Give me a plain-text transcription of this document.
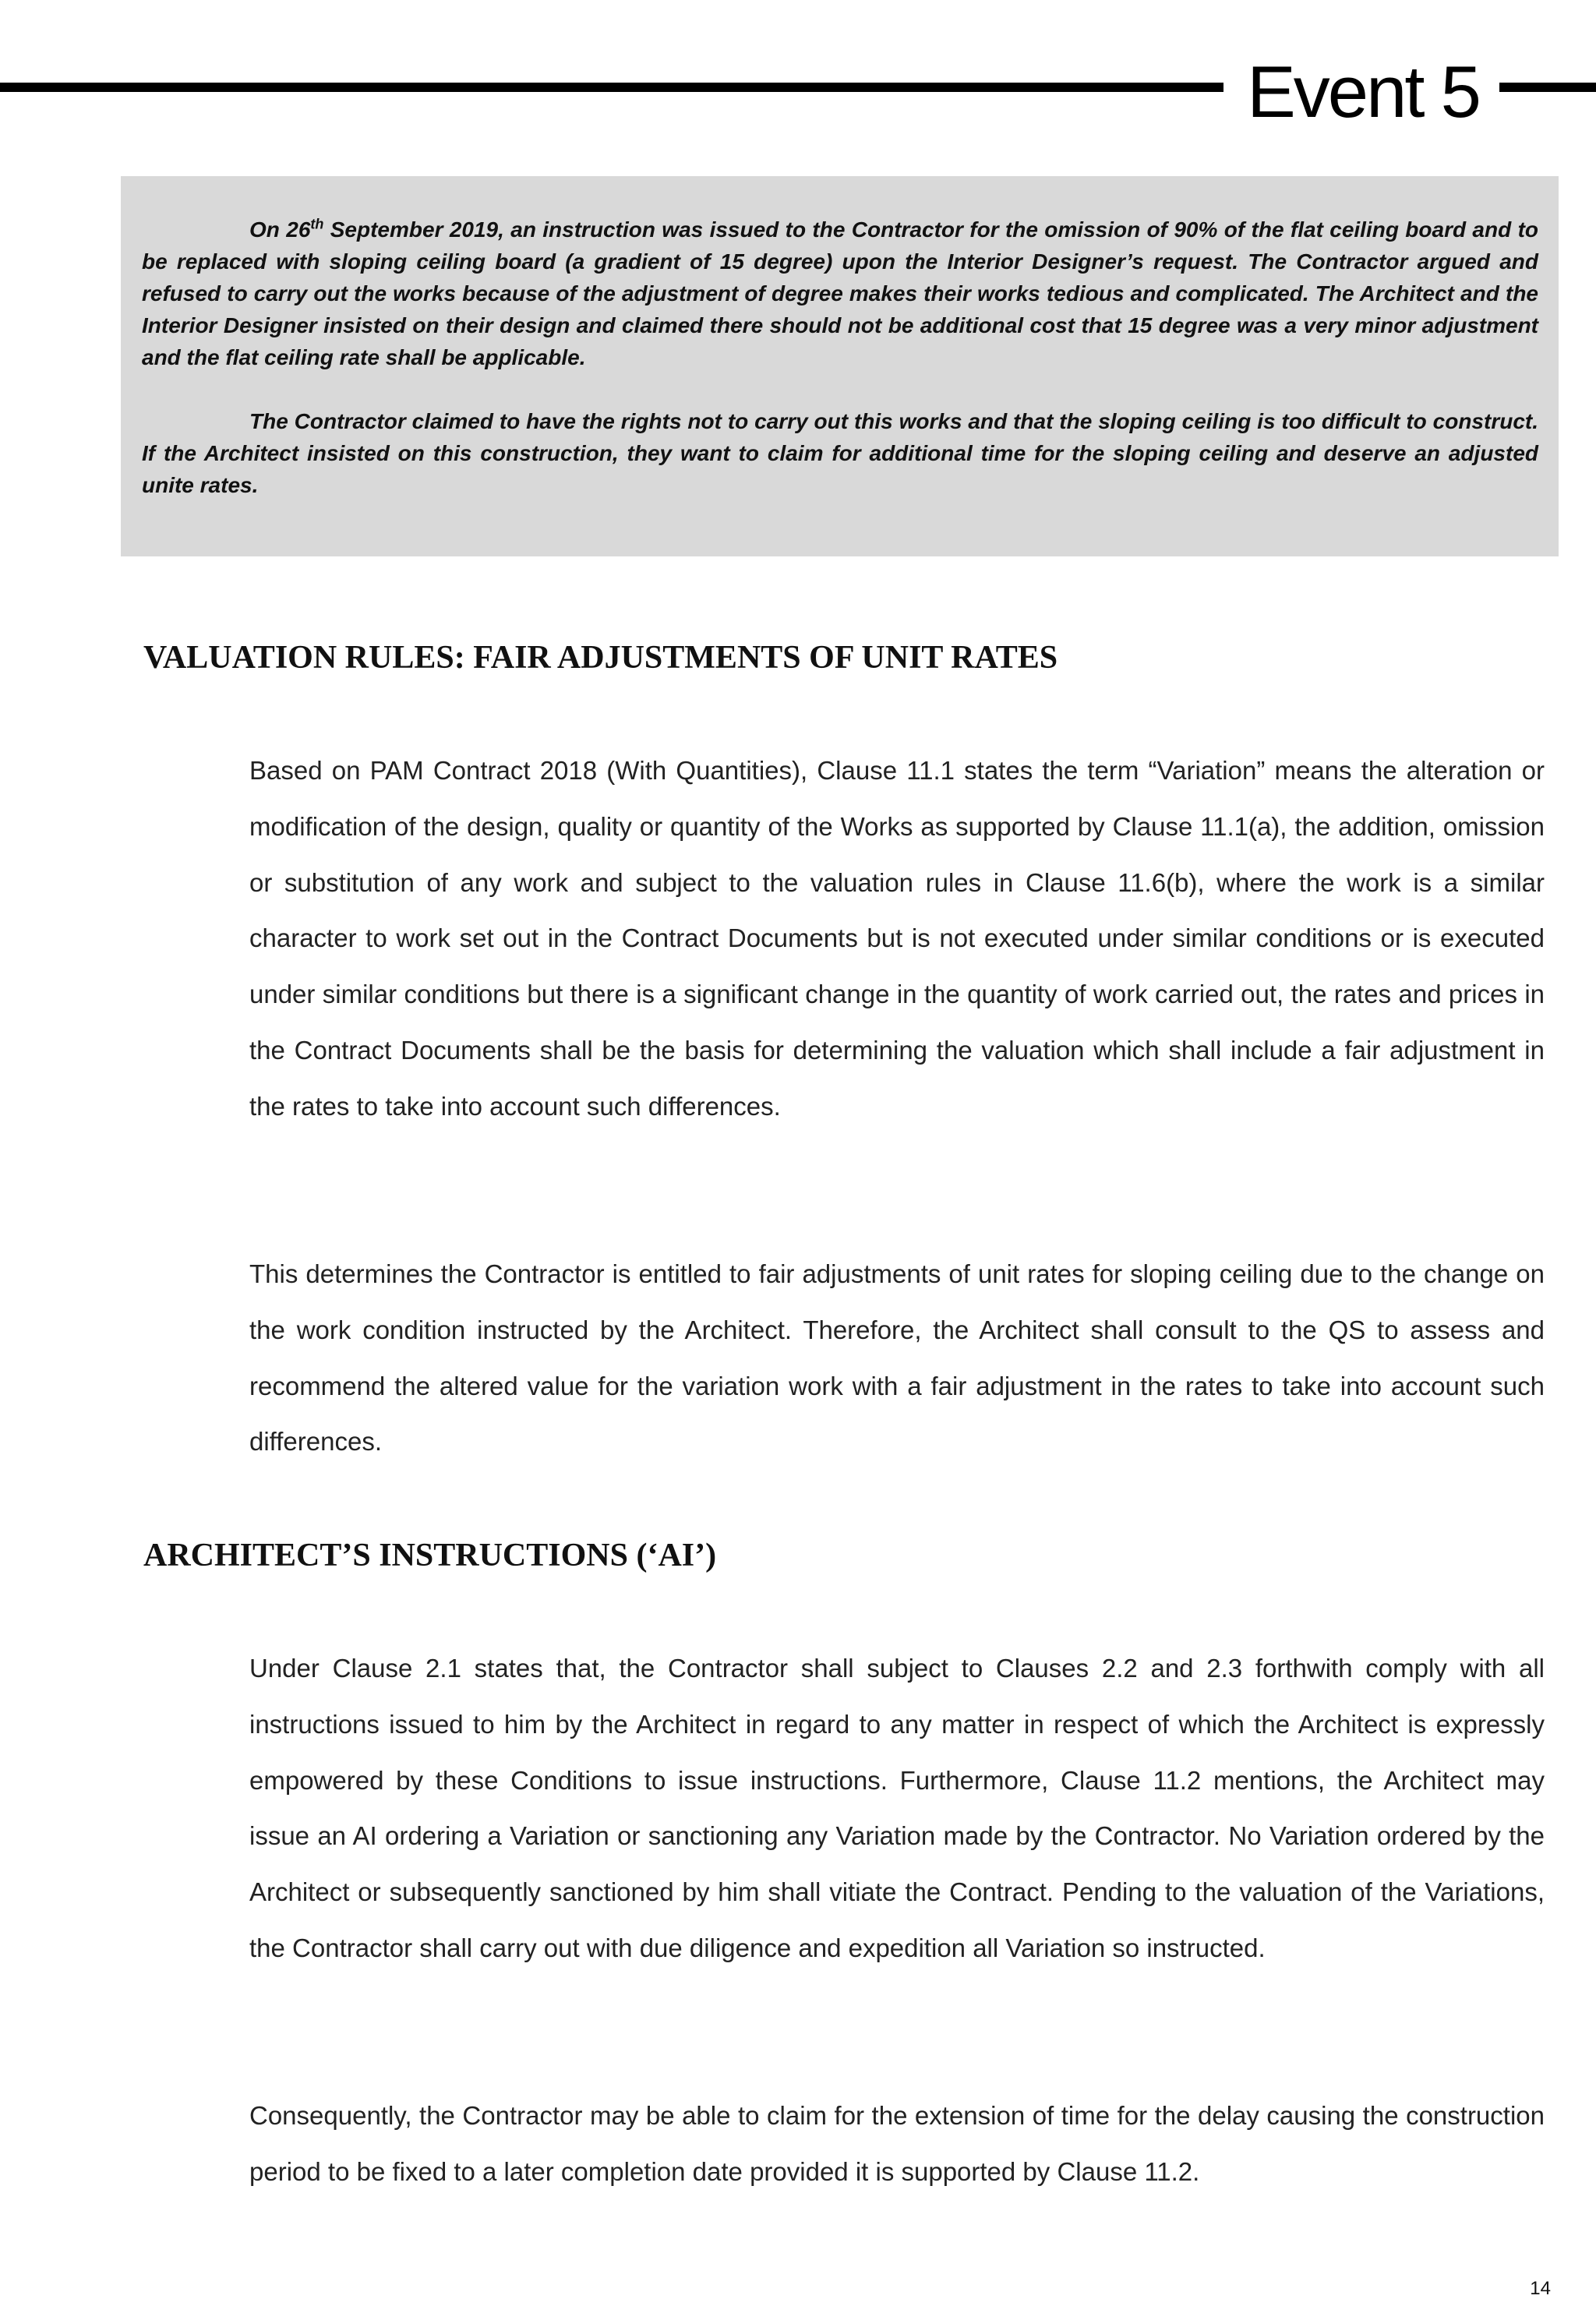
Event 5

On 26th September 2019, an instruction was issued to the Contractor for the omission of 90% of the flat ceiling board and to be replaced with sloping ceiling board (a gradient of 15 degree) upon the Interior Designer’s request. The Contractor argued and refused to carry out the works because of the adjustment of degree makes their works tedious and complicated. The Architect and the Interior Designer insisted on their design and claimed there should not be additional cost that 15 degree was a very minor adjustment and the flat ceiling rate shall be applicable.

The Contractor claimed to have the rights not to carry out this works and that the sloping ceiling is too difficult to construct. If the Architect insisted on this construction, they want to claim for additional time for the sloping ceiling and deserve an adjusted unite rates.

VALUATION RULES: FAIR ADJUSTMENTS OF UNIT RATES

Based on PAM Contract 2018 (With Quantities), Clause 11.1 states the term “Variation” means the alteration or modification of the design, quality or quantity of the Works as supported by Clause 11.1(a), the addition, omission or substitution of any work and subject to the valuation rules in Clause 11.6(b), where the work is a similar character to work set out in the Contract Documents but is not executed under similar conditions or is executed under similar conditions but there is a significant change in the quantity of work carried out, the rates and prices in the Contract Documents shall be the basis for determining the valuation which shall include a fair adjustment in the rates to take into account such differences.

This determines the Contractor is entitled to fair adjustments of unit rates for sloping ceiling due to the change on the work condition instructed by the Architect. Therefore, the Architect shall consult to the QS to assess and recommend the altered value for the variation work with a fair adjustment in the rates to take into account such differences.

ARCHITECT’S INSTRUCTIONS (‘AI’)

Under Clause 2.1 states that, the Contractor shall subject to Clauses 2.2 and 2.3 forthwith comply with all instructions issued to him by the Architect in regard to any matter in respect of which the Architect is expressly empowered by these Conditions to issue instructions. Furthermore, Clause 11.2 mentions, the Architect may issue an AI ordering a Variation or sanctioning any Variation made by the Contractor. No Variation ordered by the Architect or subsequently sanctioned by him shall vitiate the Contract. Pending to the valuation of the Variations, the Contractor shall carry out with due diligence and expedition all Variation so instructed.

Consequently, the Contractor may be able to claim for the extension of time for the delay causing the construction period to be fixed to a later completion date provided it is supported by Clause 11.2.

14
